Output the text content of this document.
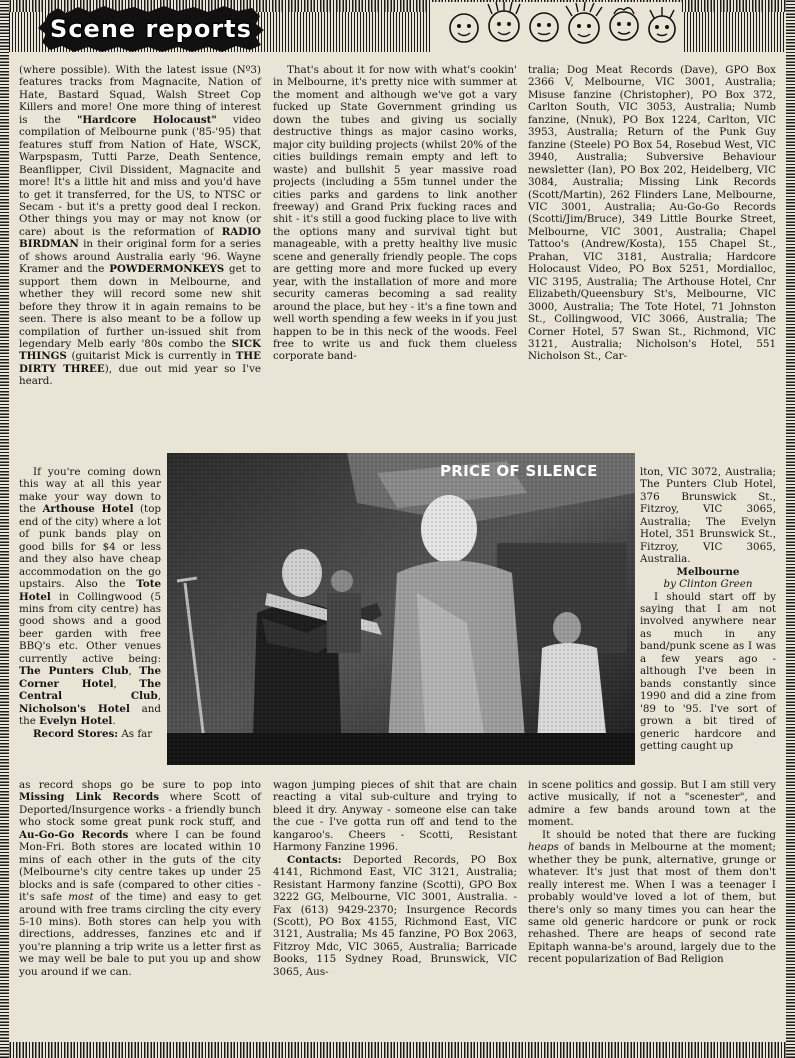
Scene reports

(where possible). With the latest issue (Nº3) features tracks from Magnacite, Nation of Hate, Bastard Squad, Walsh Street Cop Killers and more! One more thing of interest is the "Hardcore Holocaust" video compilation of Melbourne punk ('85-'95) that features stuff from Nation of Hate, WSCK, Warpspasm, Tutti Parze, Death Sentence, Beanflipper, Civil Dissident, Magnacite and more! It's a little hit and miss and you'd have to get it transferred, for the US, to NTSC or Secam - but it's a pretty good deal I reckon. Other things you may or may not know (or care) about is the reformation of RADIO BIRDMAN in their original form for a series of shows around Australia early '96. Wayne Kramer and the POWDERMONKEYS get to support them down in Melbourne, and whether they will record some new shit before they throw it in again remains to be seen. There is also meant to be a follow up compilation of further un-issued shit from legendary Melb early '80s combo the SICK THINGS (guitarist Mick is currently in THE DIRTY THREE), due out mid year so I've heard.

If you're coming down this way at all this year make your way down to the Arthouse Hotel (top end of the city) where a lot of punk bands play on good bills for $4 or less and they also have cheap accommodation on the go upstairs. Also the Tote Hotel in Collingwood (5 mins from city centre) has good shows and a good beer garden with free BBQ's etc. Other venues currently active being: The Punters Club, The Corner Hotel, The Central Club, Nicholson's Hotel and the Evelyn Hotel.

Record Stores: As far

as record shops go be sure to pop into Missing Link Records where Scott of Deported/Insurgence works - a friendly bunch who stock some great punk rock stuff, and Au-Go-Go Records where I can be found Mon-Fri. Both stores are located within 10 mins of each other in the guts of the city (Melbourne's city centre takes up under 25 blocks and is safe (compared to other cities - it's safe most of the time) and easy to get around with free trams circling the city every 5-10 mins). Both stores can help you with directions, addresses, fanzines etc and if you're planning a trip write us a letter first as we may well be bale to put you up and show you around if we can.

That's about it for now with what's cookin' in Melbourne, it's pretty nice with summer at the moment and although we've got a vary fucked up State Government grinding us down the tubes and giving us socially destructive things as major casino works, major city building projects (whilst 20% of the cities buildings remain empty and left to waste) and bullshit 5 year massive road projects (including a 55m tunnel under the cities parks and gardens to link another freeway) and Grand Prix fucking races and shit - it's still a good fucking place to live with the options many and survival tight but manageable, with a pretty healthy live music scene and generally friendly people. The cops are getting more and more fucked up every year, with the installation of more and more security cameras becoming a sad reality around the place, but hey - it's a fine town and well worth spending a few weeks in if you just happen to be in this neck of the woods. Feel free to write us and fuck them clueless corporate band-

wagon jumping pieces of shit that are chain reacting a vital sub-culture and trying to bleed it dry. Anyway - someone else can take the cue - I've gotta run off and tend to the kangaroo's. Cheers - Scotti, Resistant Harmony Fanzine 1996.

Contacts: Deported Records, PO Box 4141, Richmond East, VIC 3121, Australia; Resistant Harmony fanzine (Scotti), GPO Box 3222 GG, Melbourne, VIC 3001, Australia. - Fax (613) 9429-2370; Insurgence Records (Scott), PO Box 4155, Richmond East, VIC 3121, Australia; Ms 45 fanzine, PO Box 2063, Fitzroy Mdc, VIC 3065, Australia; Barricade Books, 115 Sydney Road, Brunswick, VIC 3065, Aus-

tralia; Dog Meat Records (Dave), GPO Box 2366 V, Melbourne, VIC 3001, Australia; Misuse fanzine (Christopher), PO Box 372, Carlton South, VIC 3053, Australia; Numb fanzine, (Nnuk), PO Box 1224, Carlton, VIC 3953, Australia; Return of the Punk Guy fanzine (Steele) PO Box 54, Rosebud West, VIC 3940, Australia; Subversive Behaviour newsletter (Ian), PO Box 202, Heidelberg, VIC 3084, Australia; Missing Link Records (Scott/Martin), 262 Flinders Lane, Melbourne, VIC 3001, Australia; Au-Go-Go Records (Scotti/Jim/Bruce), 349 Little Bourke Street, Melbourne, VIC 3001, Australia; Chapel Tattoo's (Andrew/Kosta), 155 Chapel St., Prahan, VIC 3181, Australia; Hardcore Holocaust Video, PO Box 5251, Mordialloc, VIC 3195, Australia; The Arthouse Hotel, Cnr Elizabeth/Queensbury St's, Melbourne, VIC 3000, Australia; The Tote Hotel, 71 Johnston St., Collingwood, VIC 3066, Australia; The Corner Hotel, 57 Swan St., Richmond, VIC 3121, Australia; Nicholson's Hotel, 551 Nicholson St., Car-

lton, VIC 3072, Australia; The Punters Club Hotel, 376 Brunswick St., Fitzroy, VIC 3065, Australia; The Evelyn Hotel, 351 Brunswick St., Fitzroy, VIC 3065, Australia.

Melbourne

by Clinton Green

I should start off by saying that I am not involved anywhere near as much in any band/punk scene as I was a few years ago - although I've been in bands constantly since 1990 and did a zine from '89 to '95. I've sort of grown a bit tired of generic hardcore and getting caught up

in scene politics and gossip. But I am still very active musically, if not a "scenester", and admire a few bands around town at the moment.

It should be noted that there are fucking heaps of bands in Melbourne at the moment; whether they be punk, alternative, grunge or whatever. It's just that most of them don't really interest me. When I was a teenager I probably would've loved a lot of them, but there's only so many times you can hear the same old generic hardcore or punk or rock rehashed. There are heaps of second rate Epitaph wanna-be's around, largely due to the recent popularization of Bad Religion

PRICE OF SILENCE
